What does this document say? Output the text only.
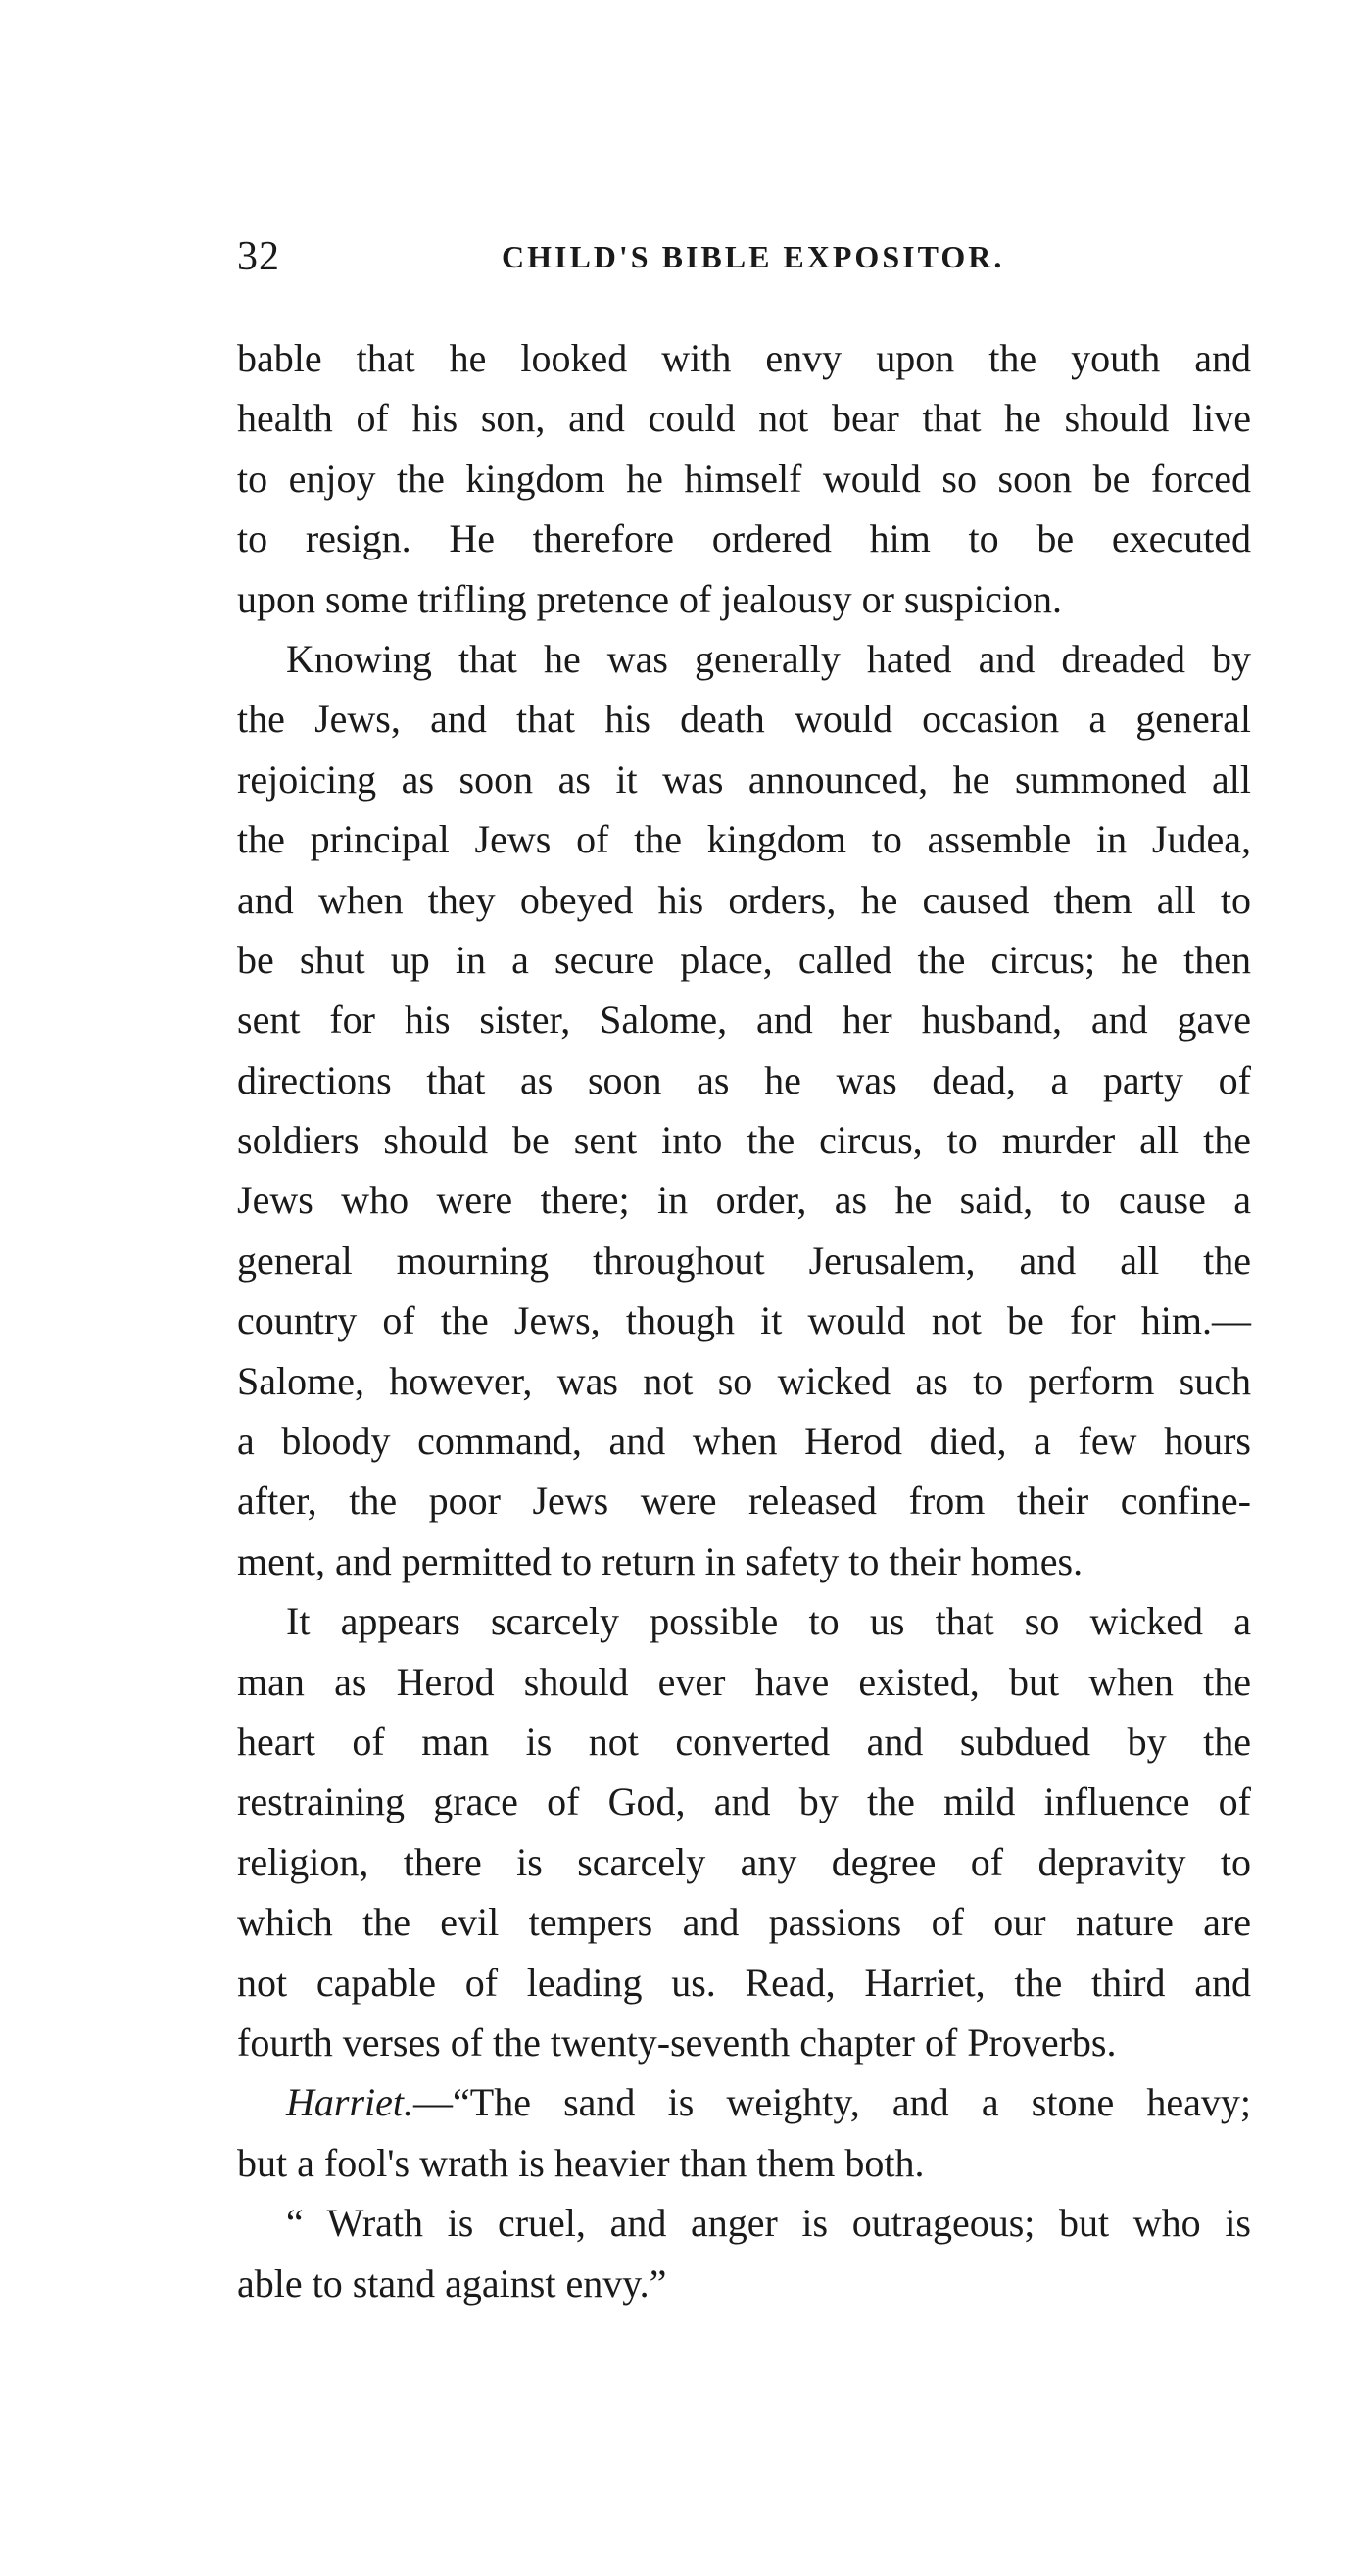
32	CHILD'S BIBLE EXPOSITOR.
bable that he looked with envy upon the youth and
health of his son, and could not bear that he should live
to enjoy the kingdom he himself would so soon be forced
to resign. He therefore ordered him to be executed
upon some trifling pretence of jealousy or suspicion.
Knowing that he was generally hated and dreaded by
the Jews, and that his death would occasion a general
rejoicing as soon as it was announced, he summoned all
the principal Jews of the kingdom to assemble in Judea,
and when they obeyed his orders, he caused them all to
be shut up in a secure place, called the circus; he then
sent for his sister, Salome, and her husband, and gave
directions that as soon as he was dead, a party of
soldiers should be sent into the circus, to murder all the
Jews who were there; in order, as he said, to cause a
general mourning throughout Jerusalem, and all the
country of the Jews, though it would not be for him.—
Salome, however, was not so wicked as to perform such
a bloody command, and when Herod died, a few hours
after, the poor Jews were released from their confine-
ment, and permitted to return in safety to their homes.
It appears scarcely possible to us that so wicked a
man as Herod should ever have existed, but when the
heart of man is not converted and subdued by the
restraining grace of God, and by the mild influence of
religion, there is scarcely any degree of depravity to
which the evil tempers and passions of our nature are
not capable of leading us. Read, Harriet, the third and
fourth verses of the twenty-seventh chapter of Proverbs.
Harriet.—“The sand is weighty, and a stone heavy;
but a fool's wrath is heavier than them both.
“ Wrath is cruel, and anger is outrageous; but who is
able to stand against envy.”
